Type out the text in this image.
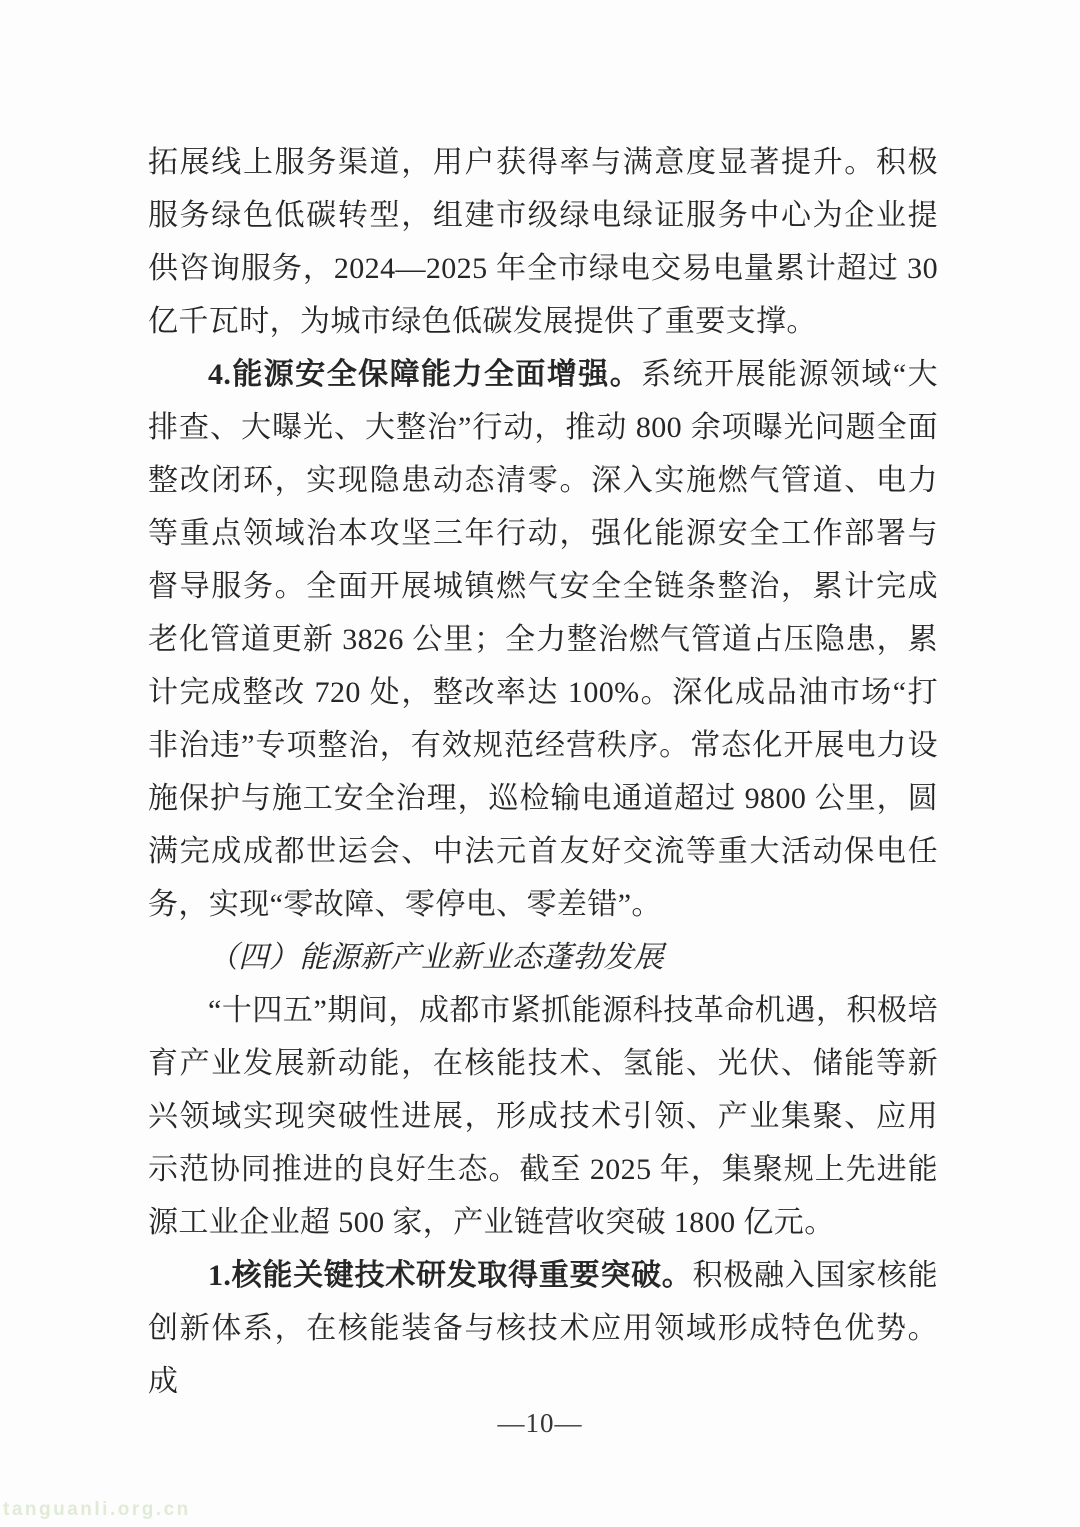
拓展线上服务渠道，用户获得率与满意度显著提升。积极服务绿色低碳转型，组建市级绿电绿证服务中心为企业提供咨询服务，2024—2025 年全市绿电交易电量累计超过 30 亿千瓦时，为城市绿色低碳发展提供了重要支撑。

4.能源安全保障能力全面增强。系统开展能源领域“大排查、大曝光、大整治”行动，推动 800 余项曝光问题全面整改闭环，实现隐患动态清零。深入实施燃气管道、电力等重点领域治本攻坚三年行动，强化能源安全工作部署与督导服务。全面开展城镇燃气安全全链条整治，累计完成老化管道更新 3826 公里；全力整治燃气管道占压隐患，累计完成整改 720 处，整改率达 100%。深化成品油市场“打非治违”专项整治，有效规范经营秩序。常态化开展电力设施保护与施工安全治理，巡检输电通道超过 9800 公里，圆满完成成都世运会、中法元首友好交流等重大活动保电任务，实现“零故障、零停电、零差错”。

（四）能源新产业新业态蓬勃发展

“十四五”期间，成都市紧抓能源科技革命机遇，积极培育产业发展新动能，在核能技术、氢能、光伏、储能等新兴领域实现突破性进展，形成技术引领、产业集聚、应用示范协同推进的良好生态。截至 2025 年，集聚规上先进能源工业企业超 500 家，产业链营收突破 1800 亿元。

1.核能关键技术研发取得重要突破。积极融入国家核能创新体系，在核能装备与核技术应用领域形成特色优势。成

—10—
tanguanli.org.cn
